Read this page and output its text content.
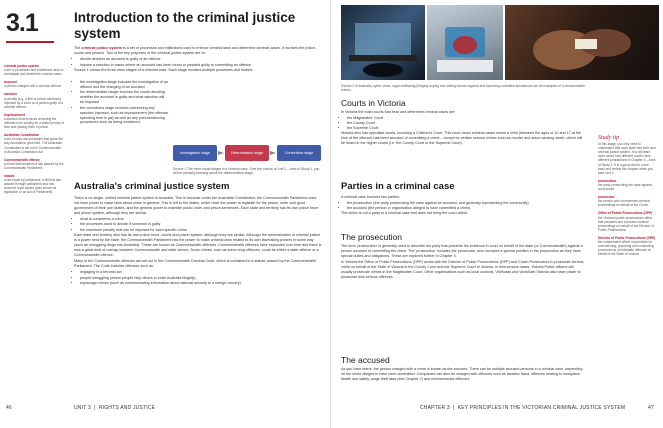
3.1
criminal justice system
a set of processes and institutions used to investigate and determine criminal cases
accused
a person charged with a criminal offence
sanction
a penalty (e.g. a fine or prison sentence) imposed by a court on a person guilty of a criminal offence
imprisonment
a sanction that involves removing the offender from society for a stated period of time and placing them in prison
Australian Constitution
a set of rules and principles that guide the way Australia is governed. The Australian Constitution is set out in Commonwealth of Australia Constitution Act
Commonwealth offence
a crime that breaches a law passed by the Commonwealth Parliament
statute
a law made by parliament; a bill that has passed through parliament and has received royal assent (also known as legislation or an Act of Parliament)
Introduction to the criminal justice system

The criminal justice system is a set of processes and institutions used to enforce criminal laws and determine criminal cases. It involves the police, courts and prisons. Two of the key purposes of the criminal justice system are to:

• decide whether an accused is guilty of an offence
• impose a sanction in cases where an accused has been found or pleaded guilty to committing an offence.

Source 1 shows the three main stages of a criminal case. Each stage involves multiple processes and bodies:

• the investigation stage includes the investigation of an offence and the charging of an accused
• the determination stage involves the courts deciding whether the accused is guilty and what sanction will be imposed
• the corrections stage involves overseeing any sanction imposed, such as imprisonment (the offender spending time in jail) as well as any post-sentencing procedures such as being monitored.
Investigation stage	Determination stage	Corrections stage
Source 1 The three broad stages in a criminal case. Over the course of Unit 2 – Area of Study 1, you will be primarily learning about the determination stage.
Australia's criminal justice system

There is no single, unified criminal justice system in Australia. This is because under the Australian Constitution, the Commonwealth Parliament does not have power to make laws about crime in general. This is left to the states, which have the power to legislate for the peace, order and good government of their own states, and the general power to maintain public order and prison sentences. Each state and territory has its own police force and prison system, although they are similar.

• what is considered a crime
• the processes used to decide if someone is guilty
• the maximum penalty that can be imposed for each specific crime.

Each state and territory also has its own police force, courts and prison system, although they are similar. Although the administration of criminal justice is a power held by the state, the Commonwealth Parliament has the power to make criminal laws related to its own lawmaking powers in some way (such as smuggling drugs into Australia). These are known as Commonwealth offences. Commonwealth offences have expanded over time and there is now a great deal of overlap between Commonwealth and state crimes. Some crimes, such as some drug offences, could be either a state offence or a Commonwealth offence.

Many of the Commonwealth offences are set out in the Commonwealth Criminal Code, which is contained in a statute passed by the Commonwealth Parliament. The Code includes offences such as:

• engaging in a terrorist act
• people smuggling (where people help others to enter Australia illegally)
• espionage crimes (such as communicating information about national security to a foreign country).
46	UNIT 3  |  RIGHTS AND JUSTICE
Source 2 In Australia, cyber crime, organ trafficking (illegally buying and selling human organs) and importing controlled substances are all examples of Commonwealth crimes.
Courts in Victoria

In Victoria the main courts that hear and determine criminal cases are:

• the Magistrates' Court
• the County Court
• the Supreme Court.

Victoria also has specialist courts, including a Children's Court. This court hears criminal cases where a child (between the ages of 10 and 17 at the time of the offence) has been accused of committing a crime – except for certain serious crimes such as murder and arson causing death, which will be heard in the higher courts (i.e. the County Court or the Supreme Court).

Parties in a criminal case

A criminal case involves two parties:

• the prosecution (the party prosecuting the case against an accused, and generally representing the community)
• the accused (the person or organisation alleged to have committed a crime).

The victim is not a party to a criminal case and does not bring the court action.

The prosecution

The term 'prosecution' is generally used to describe the party that presents the evidence in court on behalf of the state (or Commonwealth) against a person accused of committing the crime. The 'prosecution' includes the prosecutor, who occupies a special position in the prosecution as they have special duties and obligations. These are explored further in Chapter 4.

In Victoria the Office of Public Prosecutions (OPP) works with the Director of Public Prosecutions (DPP) and Crown Prosecutors to prosecute serious crime on behalf of the State of Victoria in the County Court and the Supreme Court of Victoria. In less serious cases, Victoria Police officers will usually prosecute crimes in the Magistrates' Court. Other organisations such as local councils, VicRoads and WorkSafe Victoria also have power to prosecute less serious offences.

The accused

As you have learnt, the person charged with a crime is known as the accused. There can be multiple accused persons in a criminal case, depending on the crime alleged to have been committed. Companies can also be charged with offences such as taxation fraud, offences relating to workplace health and safety, wage theft laws (see Chapter 2) and environmental offences.

Study tip
At this stage, you only need to understand that each state has their own criminal justice system. You will learn more about how different courts have different jurisdictions in Chapter 4 – Area of Study 1. It is a good idea to come back and review this chapter when you start Unit 3.
prosecution
the party prosecuting the case against an accused
prosecutor
the person who commences criminal proceedings on behalf of the Crown
Office of Public Prosecutions (OPP)
the Victorian public prosecutions office that prepares and conducts criminal proceedings on behalf of the Director of Public Prosecutions
Director of Public Prosecutions (DPP)
the independent officer responsible for commencing, preparing and conducting prosecutions of indictable offences on behalf of the State of Victoria
CHAPTER 3  |  KEY PRINCIPLES IN THE VICTORIAN CRIMINAL JUSTICE SYSTEM	47
